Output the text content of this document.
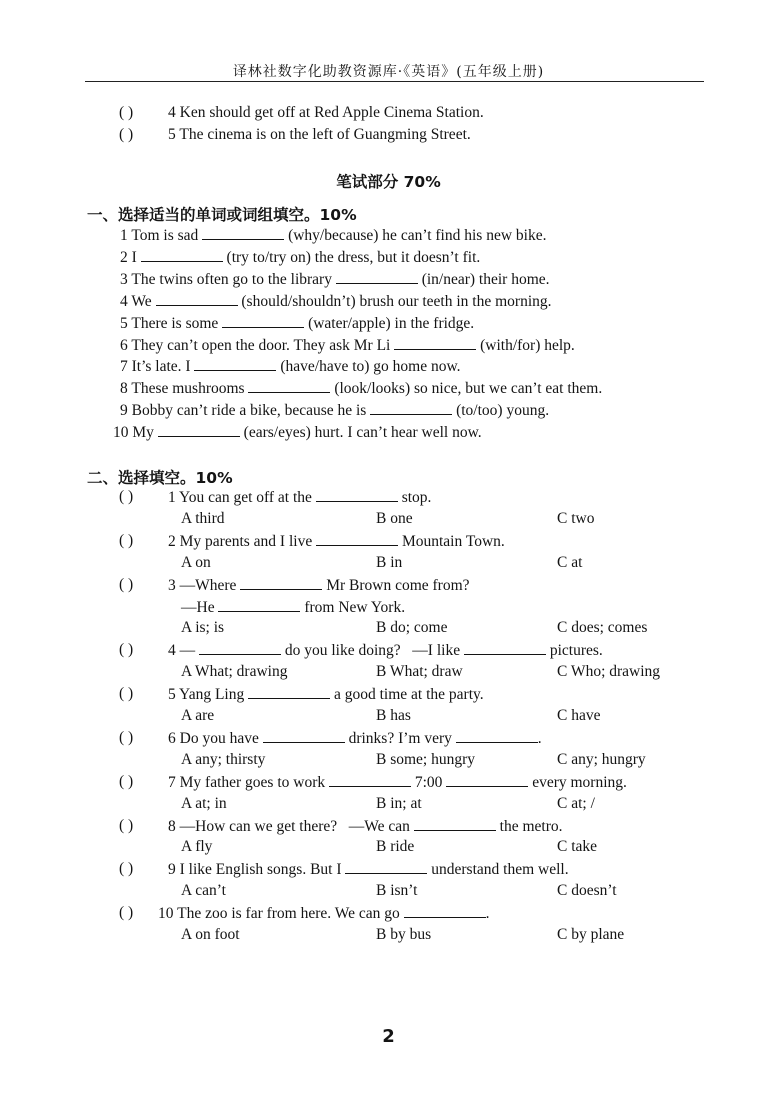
译林社数字化助教资源库·《英语》(五年级上册)
( ) 4 Ken should get off at Red Apple Cinema Station.
( ) 5 The cinema is on the left of Guangming Street.
笔试部分 70%
一、选择适当的单词或词组填空。10%
1 Tom is sad	(why/because) he can’t find his new bike.
2 I	(try to/try on) the dress, but it doesn’t fit.
3 The twins often go to the library	(in/near) their home.
4 We	(should/shouldn’t) brush our teeth in the morning.
5 There is some	(water/apple) in the fridge.
6 They can’t open the door. They ask Mr Li	(with/for) help.
7 It’s late. I	(have/have to) go home now.
8 These mushrooms	(look/looks) so nice, but we can’t eat them.
9 Bobby can’t ride a bike, because he is	(to/too) young.
10 My	(ears/eyes) hurt. I can’t hear well now.
二、选择填空。10%
( ) 1 You can get off at the	stop.
A third	B one	C two
( ) 2 My parents and I live	Mountain Town.
A on	B in	C at
( ) 3 —Where	Mr Brown come from?
—He	from New York.
A is; is	B do; come	C does; comes
( ) 4 —	do you like doing?   —I like	pictures.
A What; drawing	B What; draw	C Who; drawing
( ) 5 Yang Ling	a good time at the party.
A are	B has	C have
( ) 6 Do you have	drinks? I’m very	.
A any; thirsty	B some; hungry	C any; hungry
( ) 7 My father goes to work	7:00	every morning.
A at; in	B in; at	C at; /
( ) 8 —How can we get there?   —We can	the metro.
A fly	B ride	C take
( ) 9 I like English songs. But I	understand them well.
A can’t	B isn’t	C doesn’t
( ) 10 The zoo is far from here. We can go	.
A on foot	B by bus	C by plane
2
